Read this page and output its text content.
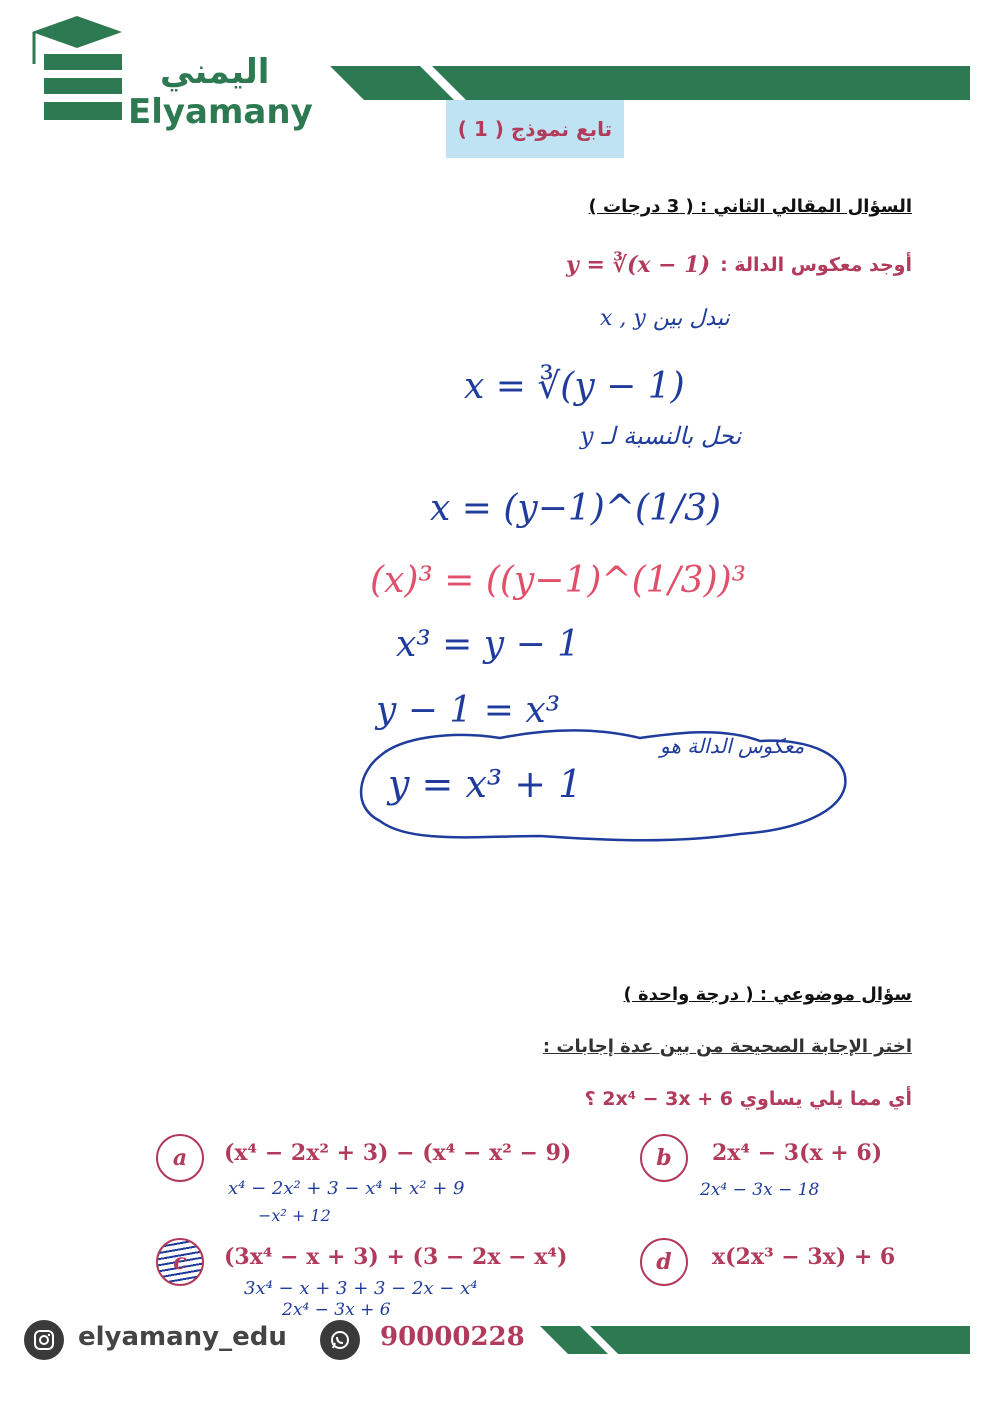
اليمني
Elyamany	تابع نموذج ( 1 )
السؤال المقالي الثاني : ( 3 درجات )
أوجد معكوس الدالة :
y = ∛(x − 1)
نبدل بين x , y
x = ∛(y − 1)
نحل بالنسبة لـ y
x = (y−1)^(1/3)
(x)³ = ((y−1)^(1/3))³
x³ = y − 1
y − 1 = x³
y = x³ + 1
معكوس الدالة هو
سؤال موضوعي : ( درجة واحدة )
اختر الإجابة الصحيحة من بين عدة إجابات :
أي مما يلي يساوي 2x⁴ − 3x + 6 ؟
a	(x⁴ − 2x² + 3) − (x⁴ − x² − 9)
x⁴ − 2x² + 3 − x⁴ + x² + 9
−x² + 12
b	2x⁴ − 3(x + 6)
2x⁴ − 3x − 18
c	(3x⁴ − x + 3) + (3 − 2x − x⁴)
3x⁴ − x + 3 + 3 − 2x − x⁴
2x⁴ − 3x + 6
d	x(2x³ − 3x) + 6
elyamany_edu	90000228
